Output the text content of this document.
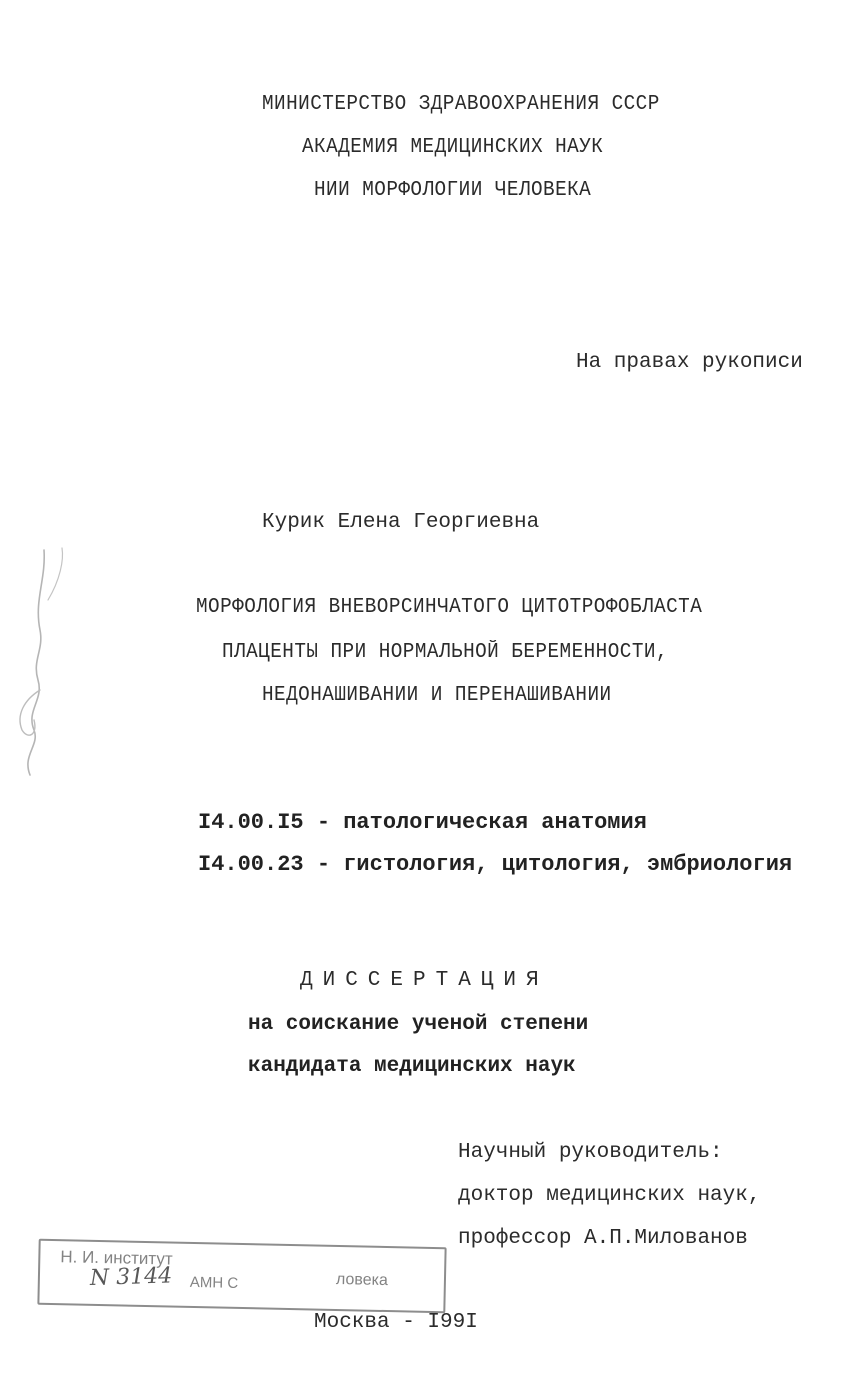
МИНИСТЕРСТВО ЗДРАВООХРАНЕНИЯ СССР
АКАДЕМИЯ МЕДИЦИНСКИХ НАУК
НИИ МОРФОЛОГИИ ЧЕЛОВЕКА
На правах рукописи
Курик Елена Георгиевна
МОРФОЛОГИЯ ВНЕВОРСИНЧАТОГО ЦИТОТРОФОБЛАСТА
ПЛАЦЕНТЫ ПРИ НОРМАЛЬНОЙ БЕРЕМЕННОСТИ,
НЕДОНАШИВАНИИ И ПЕРЕНАШИВАНИИ
I4.00.I5 - патологическая анатомия
I4.00.23 - гистология, цитология, эмбриология
ДИССЕРТАЦИЯ
на соискание ученой степени
кандидата медицинских наук
Научный руководитель:
доктор медицинских наук,
профессор А.П.Милованов
Н. И. институт
ловека
АМН С
N 3144
Москва - I99I
